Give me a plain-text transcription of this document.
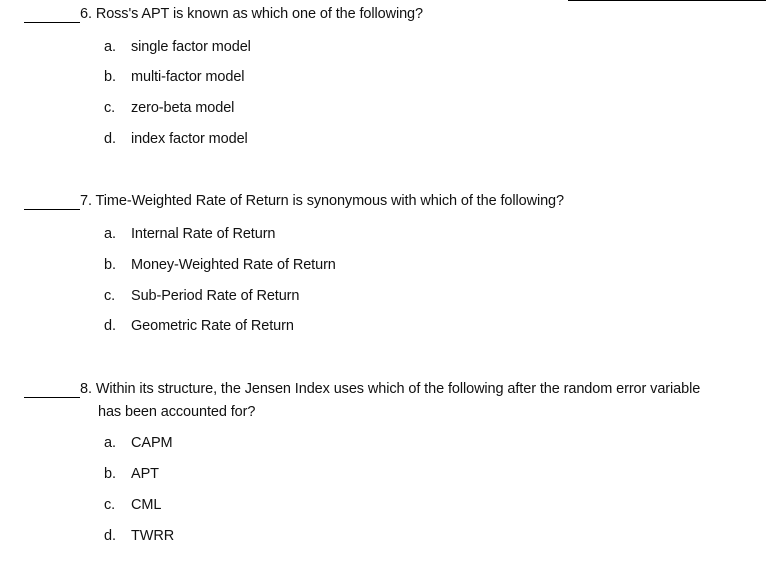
6. Ross's APT is known as which one of the following?
a. single factor model
b. multi-factor model
c. zero-beta model
d. index factor model
7. Time-Weighted Rate of Return is synonymous with which of the following?
a. Internal Rate of Return
b. Money-Weighted Rate of Return
c. Sub-Period Rate of Return
d. Geometric Rate of Return
8. Within its structure, the Jensen Index uses which of the following after the random error variable
has been accounted for?
a. CAPM
b. APT
c. CML
d. TWRR
